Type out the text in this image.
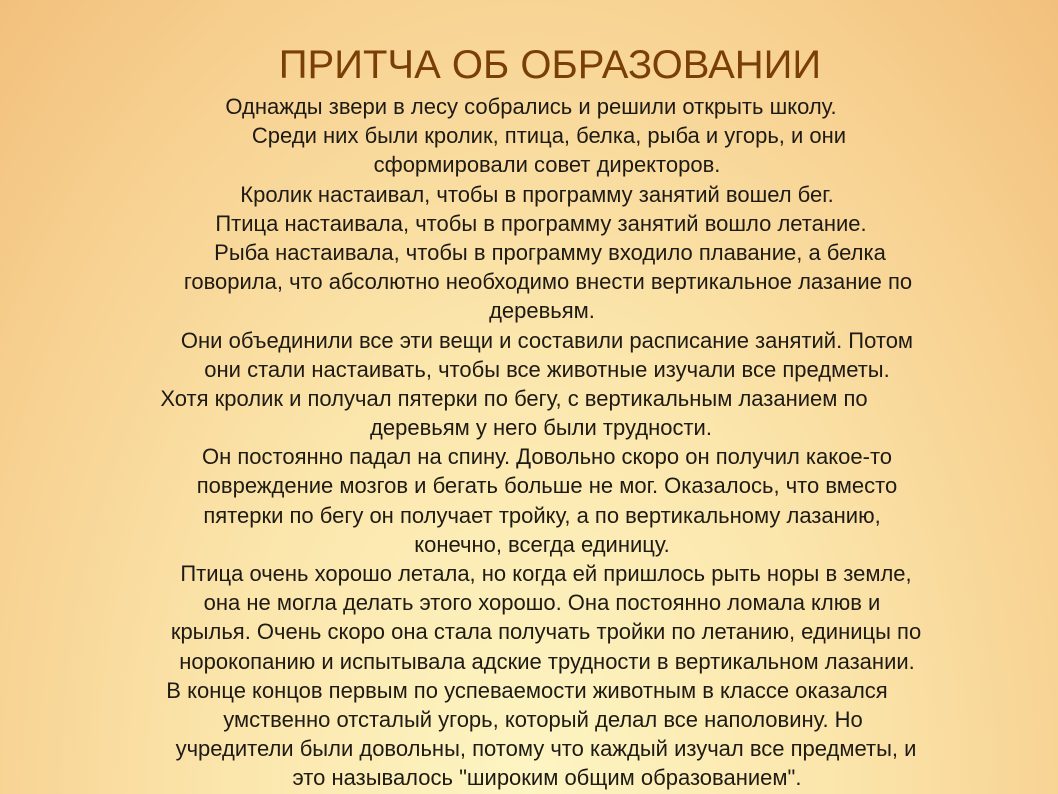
ПРИТЧА ОБ ОБРАЗОВАНИИ
Однажды звери в лесу собрались и решили открыть школу.
Среди них были кролик, птица, белка, рыба и угорь, и они
сформировали совет директоров.
Кролик настаивал, чтобы в программу занятий вошел бег.
Птица настаивала, чтобы в программу занятий вошло летание.
Рыба настаивала, чтобы в программу входило плавание, а белка
говорила, что абсолютно необходимо внести вертикальное лазание по
деревьям.
Они объединили все эти вещи и составили расписание занятий. Потом
они стали настаивать, чтобы все животные изучали все предметы.
Хотя кролик и получал пятерки по бегу, с вертикальным лазанием по
деревьям у него были трудности.
Он постоянно падал на спину. Довольно скоро он получил какое-то
повреждение мозгов и бегать больше не мог. Оказалось, что вместо
пятерки по бегу он получает тройку, а по вертикальному лазанию,
конечно, всегда единицу.
Птица очень хорошо летала, но когда ей пришлось рыть норы в земле,
она не могла делать этого хорошо. Она постоянно ломала клюв и
крылья. Очень скоро она стала получать тройки по летанию, единицы по
норокопанию и испытывала адские трудности в вертикальном лазании.
В конце концов первым по успеваемости животным в классе оказался
умственно отсталый угорь, который делал все наполовину. Но
учредители были довольны, потому что каждый изучал все предметы, и
это называлось "широким общим образованием".
